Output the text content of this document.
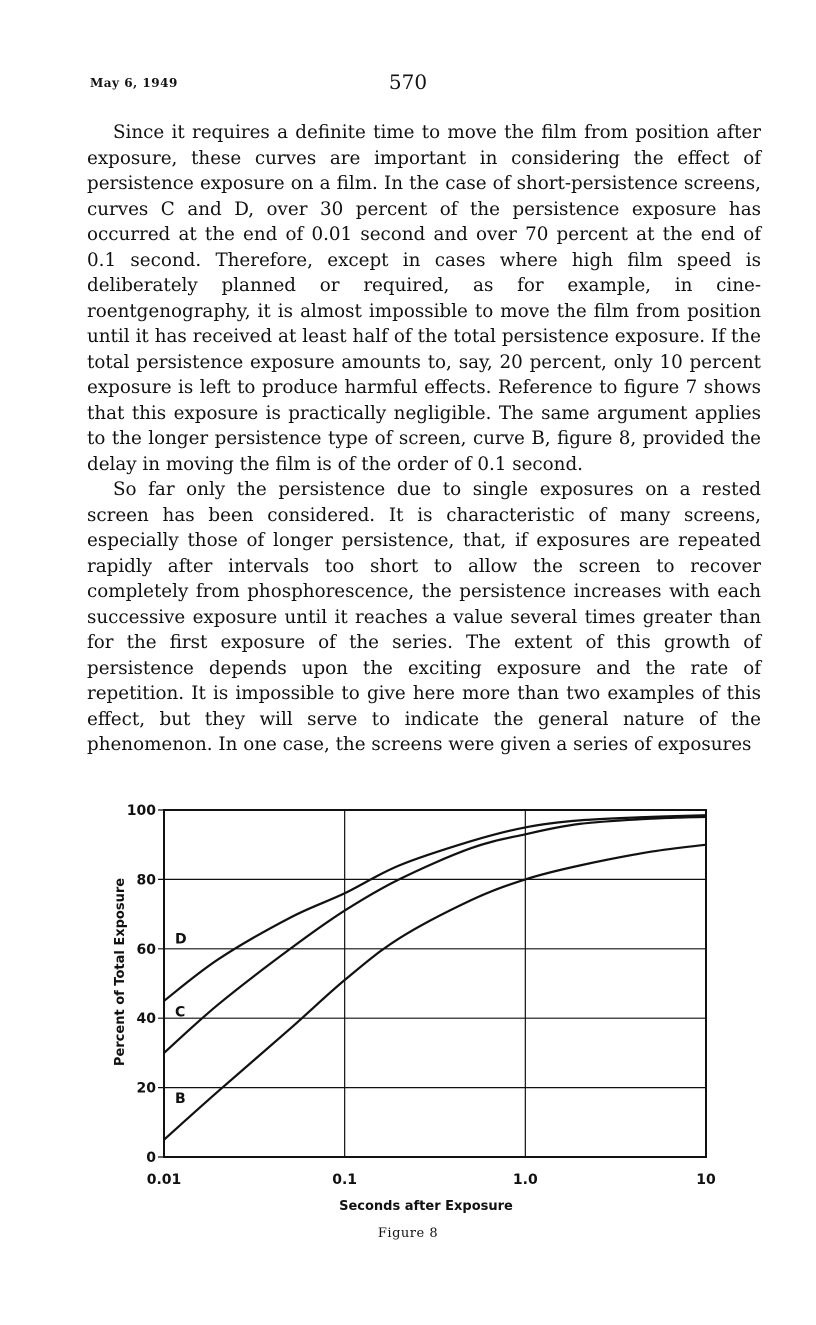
May 6, 1949	570

Since it requires a definite time to move the film from position after exposure, these curves are important in considering the effect of persistence exposure on a film. In the case of short-persistence screens, curves C and D, over 30 percent of the persistence exposure has occurred at the end of 0.01 second and over 70 percent at the end of 0.1 second. Therefore, except in cases where high film speed is deliberately planned or required, as for example, in cine-roentgenography, it is almost impossible to move the film from position until it has received at least half of the total persistence exposure. If the total persistence exposure amounts to, say, 20 percent, only 10 percent exposure is left to produce harmful effects. Reference to figure 7 shows that this exposure is practically negligible. The same argument applies to the longer persistence type of screen, curve B, figure 8, provided the delay in moving the film is of the order of 0.1 second.

So far only the persistence due to single exposures on a rested screen has been considered. It is characteristic of many screens, especially those of longer persistence, that, if exposures are repeated rapidly after intervals too short to allow the screen to recover completely from phosphorescence, the persistence increases with each successive exposure until it reaches a value several times greater than for the first exposure of the series. The extent of this growth of persistence depends upon the exciting exposure and the rate of repetition. It is impossible to give here more than two examples of this effect, but they will serve to indicate the general nature of the phenomenon. In one case, the screens were given a series of exposures

D
C
B
0
20
40
60
80
100
0.01	0.1	1.0	10
Percent of Total Exposure
Seconds after Exposure
Figure 8
